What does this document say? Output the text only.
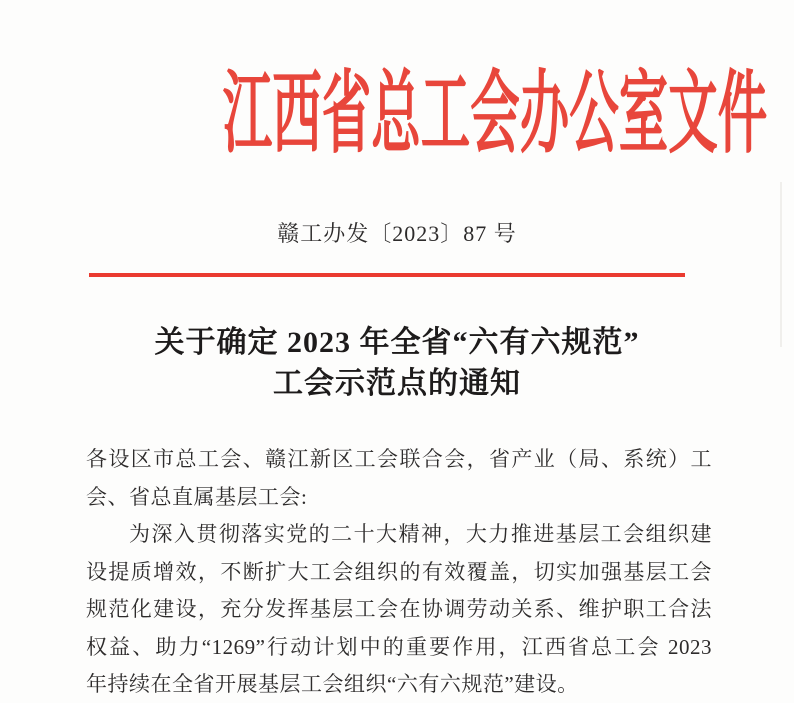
江西省总工会办公室文件
赣工办发〔2023〕87 号
关于确定 2023 年全省“六有六规范”
工会示范点的通知
各设区市总工会、赣江新区工会联合会，省产业（局、系统）工
会、省总直属基层工会:
为深入贯彻落实党的二十大精神，大力推进基层工会组织建
设提质增效，不断扩大工会组织的有效覆盖，切实加强基层工会
规范化建设，充分发挥基层工会在协调劳动关系、维护职工合法
权益、助力“1269”行动计划中的重要作用，江西省总工会 2023
年持续在全省开展基层工会组织“六有六规范”建设。
